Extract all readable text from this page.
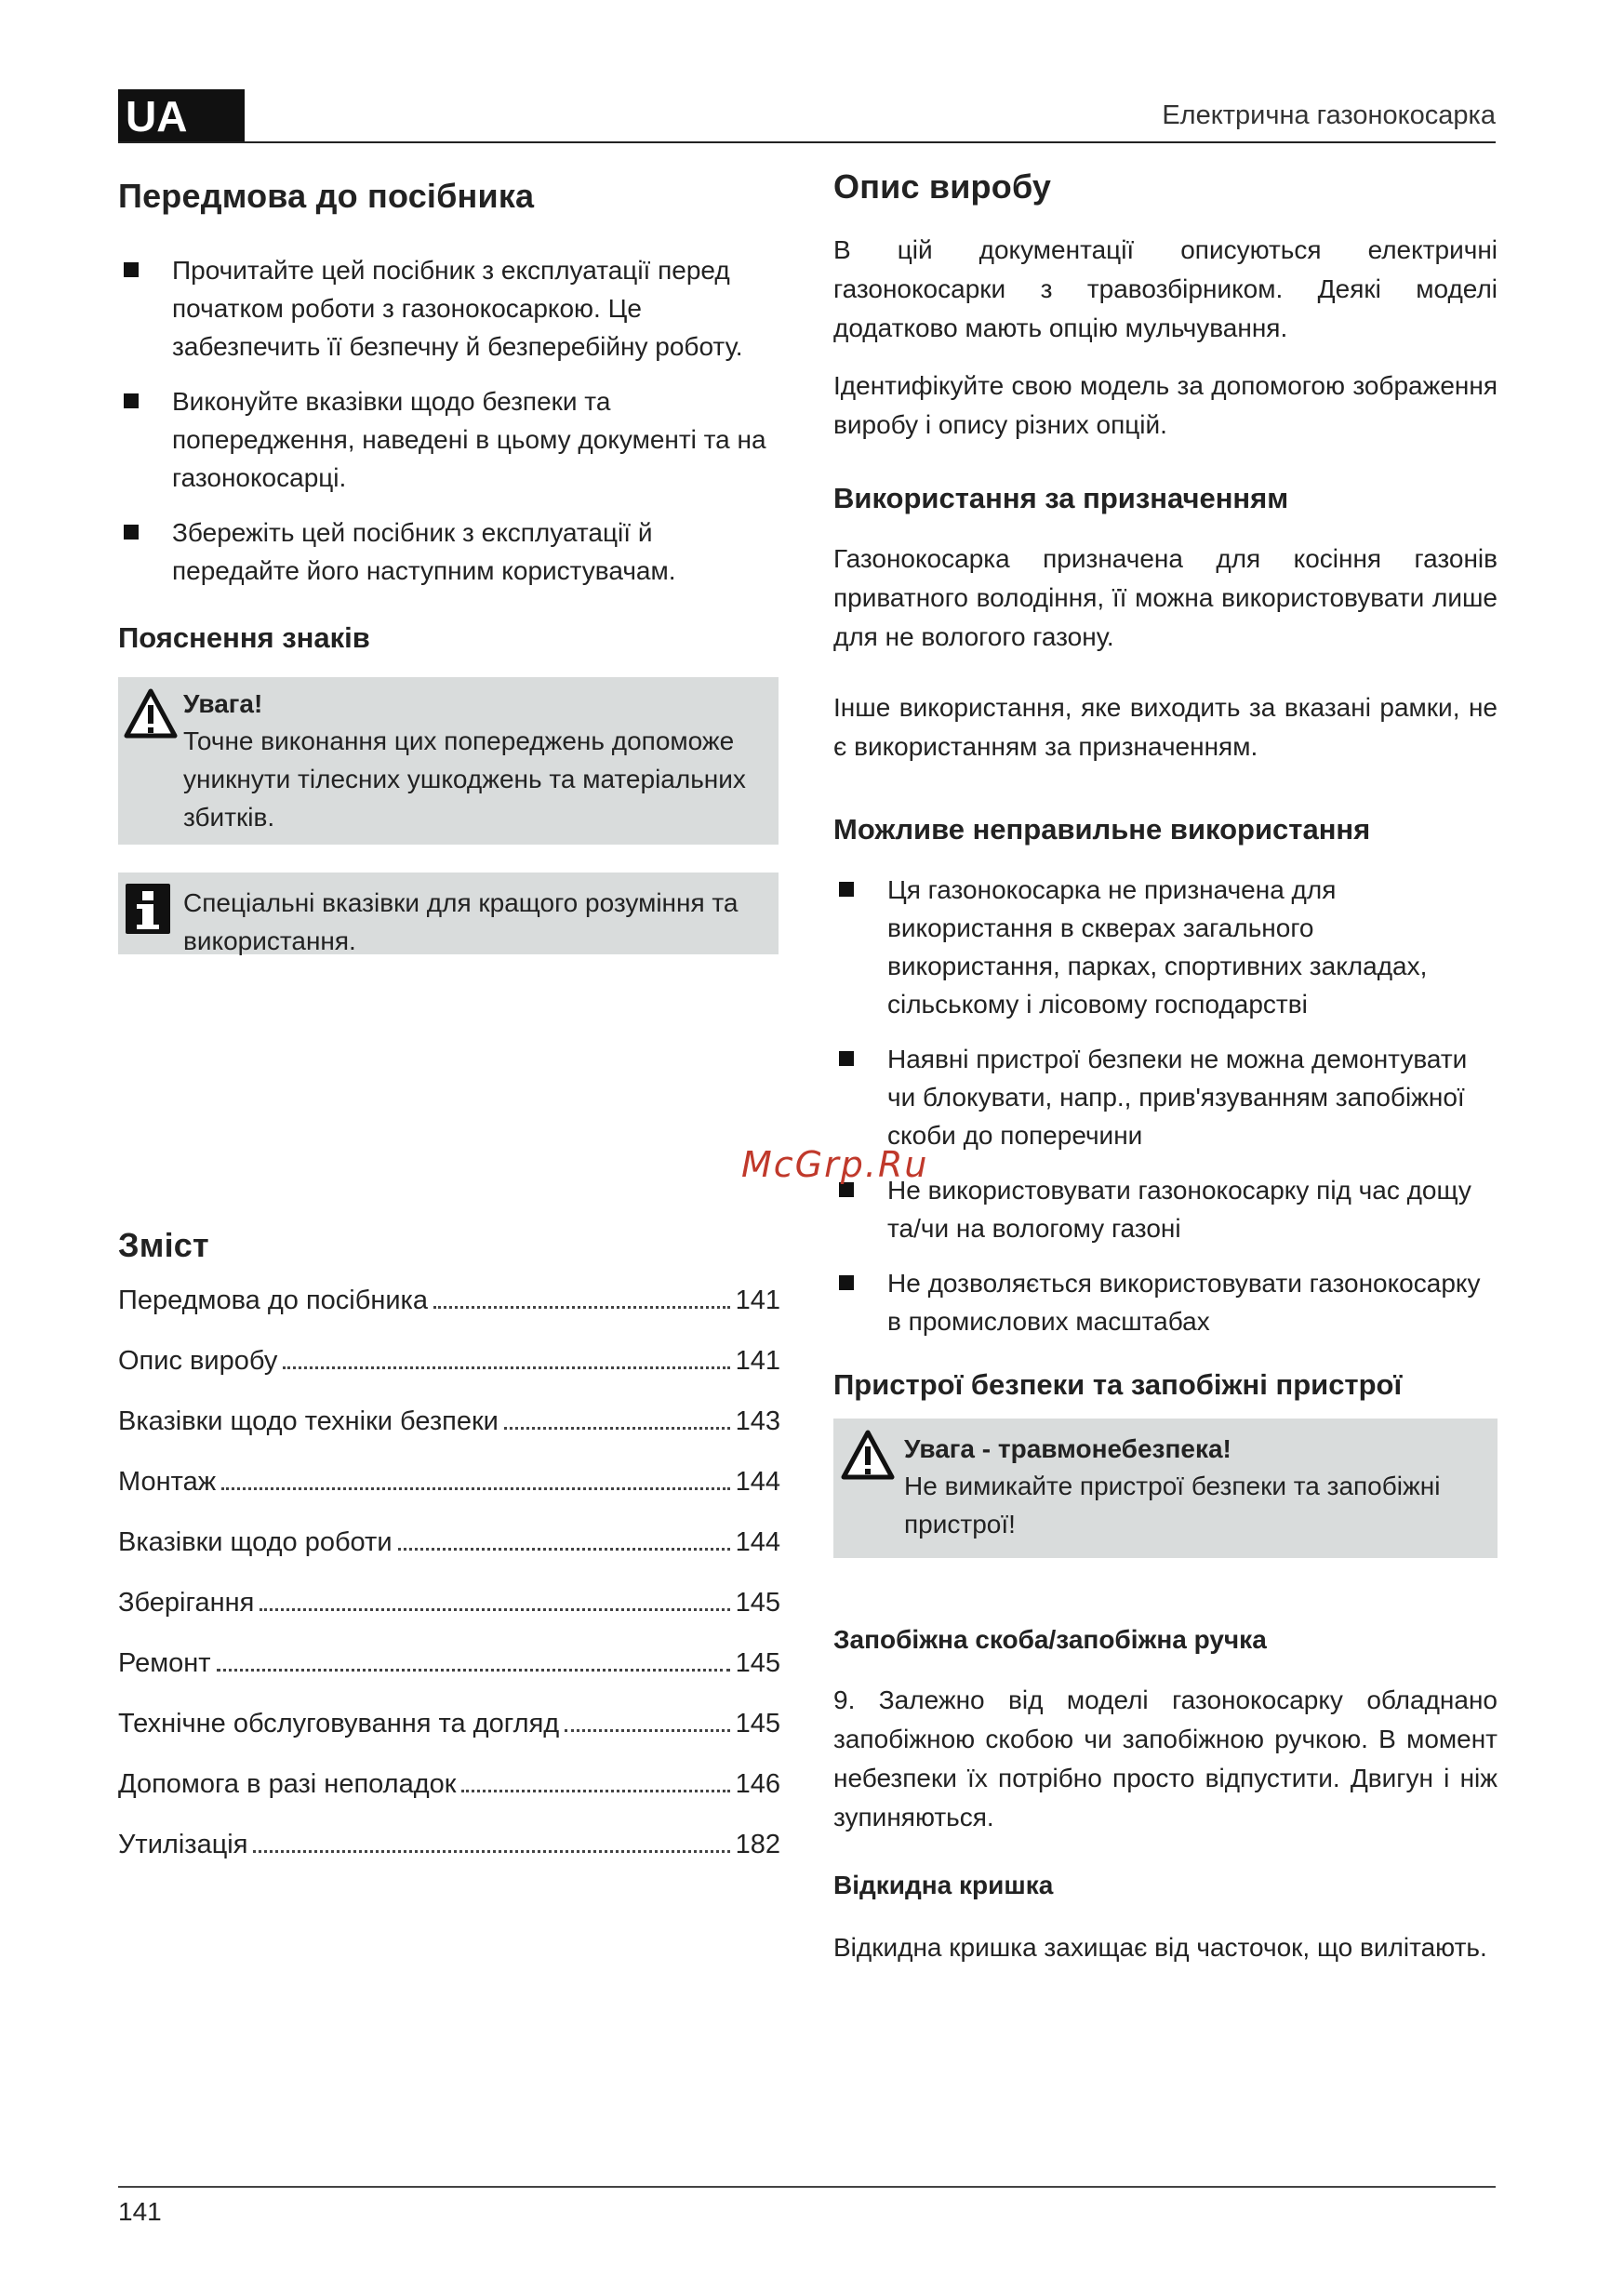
UA	Електрична газонокосарка
Передмова до посібника
Прочитайте цей посібник з експлуатації перед початком роботи з газонокосаркою. Це забезпечить її безпечну й безперебійну роботу.
Виконуйте вказівки щодо безпеки та попередження, наведені в цьому документі та на газонокосарці.
Збережіть цей посібник з експлуатації й передайте його наступним користувачам.
Пояснення знаків
Увага!
Точне виконання цих попереджень допоможе уникнути тілесних ушкоджень та матеріальних збитків.
Спеціальні вказівки для кращого розуміння та використання.
Зміст
Передмова до посібника	141
Опис виробу	141
Вказівки щодо техніки безпеки	143
Монтаж	144
Вказівки щодо роботи	144
Зберігання	145
Ремонт	145
Технічне обслуговування та догляд	145
Допомога в разі неполадок	146
Утилізація	182
Опис виробу

В цій документації описуються електричні газонокосарки з травозбірником. Деякі моделі додатково мають опцію мульчування.

Ідентифікуйте свою модель за допомогою зображення виробу і опису різних опцій.

Використання за призначенням

Газонокосарка призначена для косіння газонів приватного володіння, її можна використовувати лише для не вологого газону.

Інше використання, яке виходить за вказані рамки, не є використанням за призначенням.

Можливе неправильне використання
Ця газонокосарка не призначена для використання в скверах загального використання, парках, спортивних закладах, сільському і лісовому господарстві
Наявні пристрої безпеки не можна демонтувати чи блокувати, напр., прив'язуванням запобіжної скоби до поперечини
Не використовувати газонокосарку під час дощу та/чи на вологому газоні
Не дозволяється використовувати газонокосарку в промислових масштабах
Пристрої безпеки та запобіжні пристрої
Увага - травмонебезпека!
Не вимикайте пристрої безпеки та запобіжні пристрої!
Запобіжна скоба/запобіжна ручка

9. Залежно від моделі газонокосарку обладнано запобіжною скобою чи запобіжною ручкою. В момент небезпеки їх потрібно просто відпустити. Двигун і ніж зупиняються.

Відкидна кришка

Відкидна кришка захищає від часточок, що вилітають.

McGrp.Ru
141
